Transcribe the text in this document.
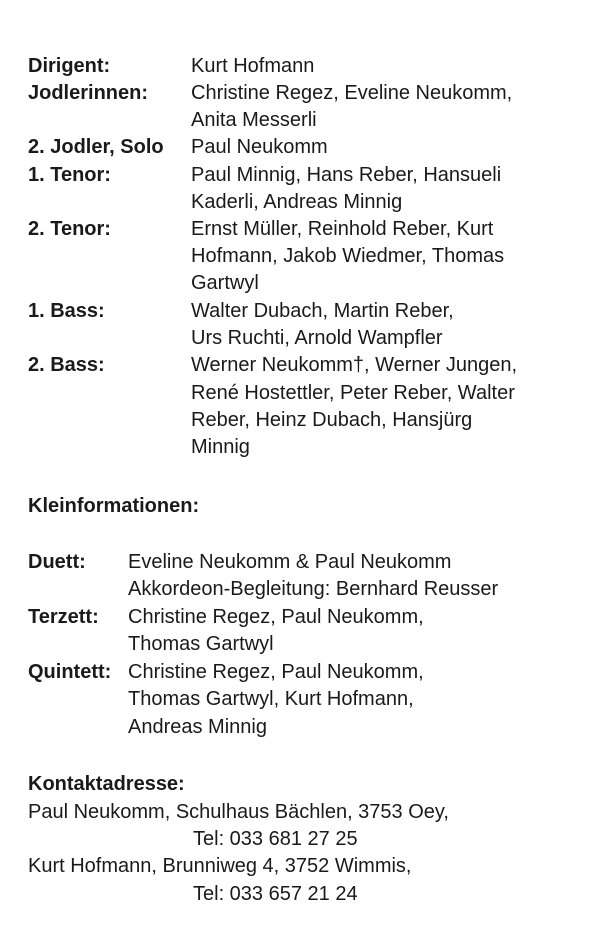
Dirigent:	Kurt Hofmann
Jodlerinnen: Christine Regez, Eveline Neukomm,
Anita Messerli
2. Jodler, Solo Paul Neukomm
1. Tenor:	Paul Minnig, Hans Reber, Hansueli
Kaderli, Andreas Minnig
2. Tenor:	Ernst Müller, Reinhold Reber, Kurt
Hofmann, Jakob Wiedmer, Thomas
Gartwyl
1. Bass:	Walter Dubach, Martin Reber,
Urs Ruchti, Arnold Wampfler
2. Bass:	Werner Neukomm†, Werner Jungen,
René Hostettler, Peter Reber, Walter
Reber, Heinz Dubach, Hansjürg
Minnig
Kleinformationen:
Duett: Eveline Neukomm & Paul Neukomm
Akkordeon-Begleitung: Bernhard Reusser
Terzett: Christine Regez, Paul Neukomm,
Thomas Gartwyl
Quintett: Christine Regez, Paul Neukomm,
Thomas Gartwyl, Kurt Hofmann,
Andreas Minnig
Kontaktadresse:
Paul Neukomm, Schulhaus Bächlen, 3753 Oey,
Tel: 033 681 27 25
Kurt Hofmann, Brunniweg 4, 3752 Wimmis,
Tel: 033 657 21 24
